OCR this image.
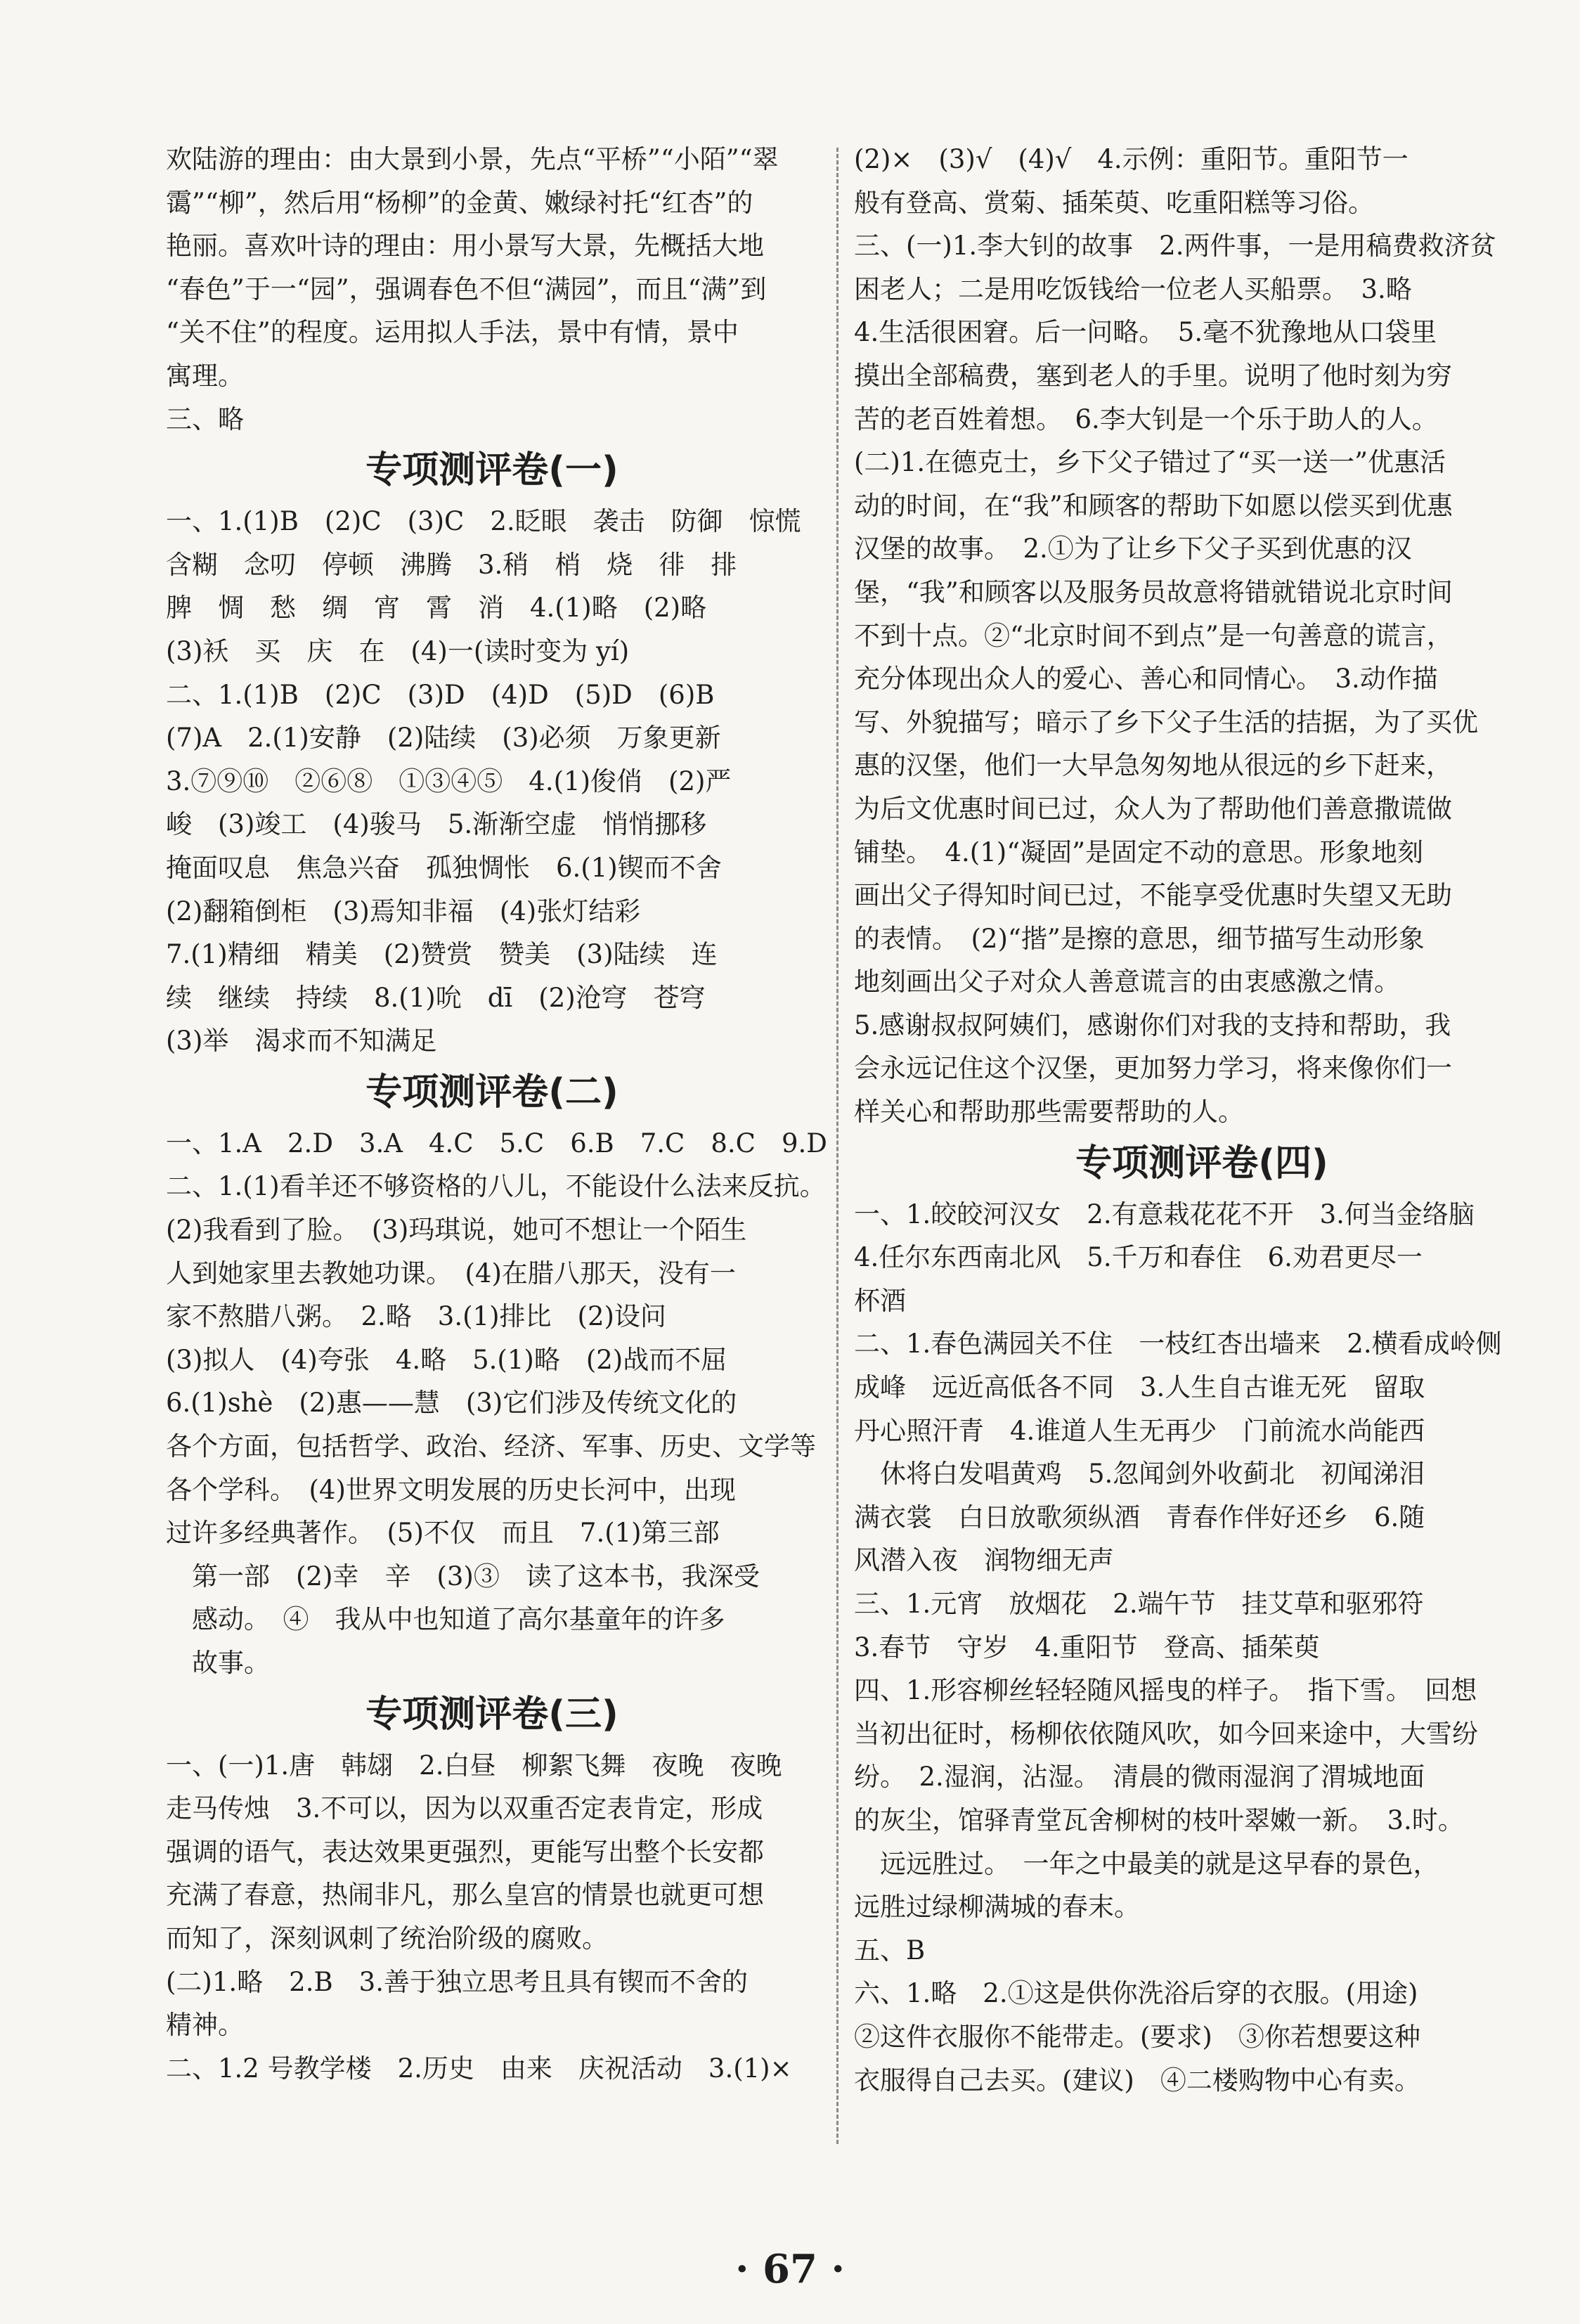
欢陆游的理由：由大景到小景，先点“平桥”“小陌”“翠
霭”“柳”，然后用“杨柳”的金黄、嫩绿衬托“红杏”的
艳丽。喜欢叶诗的理由：用小景写大景，先概括大地
“春色”于一“园”，强调春色不但“满园”，而且“满”到
“关不住”的程度。运用拟人手法，景中有情，景中
寓理。
三、略
专项测评卷(一)
一、1.(1)B　(2)C　(3)C　2.眨眼　袭击　防御　惊慌
含糊　念叨　停顿　沸腾　3.稍　梢　烧　徘　排
脾　惆　愁　绸　宵　霄　消　4.(1)略　(2)略
(3)袄　买　庆　在　(4)一(读时变为 yí)
二、1.(1)B　(2)C　(3)D　(4)D　(5)D　(6)B
(7)A　2.(1)安静　(2)陆续　(3)必须　万象更新
3.⑦⑨⑩　②⑥⑧　①③④⑤　4.(1)俊俏　(2)严
峻　(3)竣工　(4)骏马　5.渐渐空虚　悄悄挪移
掩面叹息　焦急兴奋　孤独惆怅　6.(1)锲而不舍
(2)翻箱倒柜　(3)焉知非福　(4)张灯结彩
7.(1)精细　精美　(2)赞赏　赞美　(3)陆续　连
续　继续　持续　8.(1)吮　dī　(2)沧穹　苍穹
(3)举　渴求而不知满足
专项测评卷(二)
一、1.A　2.D　3.A　4.C　5.C　6.B　7.C　8.C　9.D
二、1.(1)看羊还不够资格的八儿，不能设什么法来反抗。
(2)我看到了脸。　(3)玛琪说，她可不想让一个陌生
人到她家里去教她功课。　(4)在腊八那天，没有一
家不熬腊八粥。　2.略　3.(1)排比　(2)设问
(3)拟人　(4)夸张　4.略　5.(1)略　(2)战而不屈
6.(1)shè　(2)惠——慧　(3)它们涉及传统文化的
各个方面，包括哲学、政治、经济、军事、历史、文学等
各个学科。　(4)世界文明发展的历史长河中，出现
过许多经典著作。　(5)不仅　而且　7.(1)第三部
　第一部　(2)幸　辛　(3)③　读了这本书，我深受
　感动。　④　我从中也知道了高尔基童年的许多
　故事。
专项测评卷(三)
一、(一)1.唐　韩翃　2.白昼　柳絮飞舞　夜晚　夜晚
走马传烛　3.不可以，因为以双重否定表肯定，形成
强调的语气，表达效果更强烈，更能写出整个长安都
充满了春意，热闹非凡，那么皇宫的情景也就更可想
而知了，深刻讽刺了统治阶级的腐败。
(二)1.略　2.B　3.善于独立思考且具有锲而不舍的
精神。
二、1.2 号教学楼　2.历史　由来　庆祝活动　3.(1)×
(2)×　(3)√　(4)√　4.示例：重阳节。重阳节一
般有登高、赏菊、插茱萸、吃重阳糕等习俗。
三、(一)1.李大钊的故事　2.两件事，一是用稿费救济贫
困老人；二是用吃饭钱给一位老人买船票。　3.略
4.生活很困窘。后一问略。　5.毫不犹豫地从口袋里
摸出全部稿费，塞到老人的手里。说明了他时刻为穷
苦的老百姓着想。　6.李大钊是一个乐于助人的人。
(二)1.在德克士，乡下父子错过了“买一送一”优惠活
动的时间，在“我”和顾客的帮助下如愿以偿买到优惠
汉堡的故事。　2.①为了让乡下父子买到优惠的汉
堡，“我”和顾客以及服务员故意将错就错说北京时间
不到十点。②“北京时间不到点”是一句善意的谎言，
充分体现出众人的爱心、善心和同情心。　3.动作描
写、外貌描写；暗示了乡下父子生活的拮据，为了买优
惠的汉堡，他们一大早急匆匆地从很远的乡下赶来，
为后文优惠时间已过，众人为了帮助他们善意撒谎做
铺垫。　4.(1)“凝固”是固定不动的意思。形象地刻
画出父子得知时间已过，不能享受优惠时失望又无助
的表情。　(2)“揩”是擦的意思，细节描写生动形象
地刻画出父子对众人善意谎言的由衷感激之情。
5.感谢叔叔阿姨们，感谢你们对我的支持和帮助，我
会永远记住这个汉堡，更加努力学习，将来像你们一
样关心和帮助那些需要帮助的人。
专项测评卷(四)
一、1.皎皎河汉女　2.有意栽花花不开　3.何当金络脑
4.任尔东西南北风　5.千万和春住　6.劝君更尽一
杯酒
二、1.春色满园关不住　一枝红杏出墙来　2.横看成岭侧
成峰　远近高低各不同　3.人生自古谁无死　留取
丹心照汗青　4.谁道人生无再少　门前流水尚能西
　休将白发唱黄鸡　5.忽闻剑外收蓟北　初闻涕泪
满衣裳　白日放歌须纵酒　青春作伴好还乡　6.随
风潜入夜　润物细无声
三、1.元宵　放烟花　2.端午节　挂艾草和驱邪符
3.春节　守岁　4.重阳节　登高、插茱萸
四、1.形容柳丝轻轻随风摇曳的样子。　指下雪。　回想
当初出征时，杨柳依依随风吹，如今回来途中，大雪纷
纷。　2.湿润，沾湿。　清晨的微雨湿润了渭城地面
的灰尘，馆驿青堂瓦舍柳树的枝叶翠嫩一新。　3.时。
　远远胜过。　一年之中最美的就是这早春的景色，
远胜过绿柳满城的春末。
五、B
六、1.略　2.①这是供你洗浴后穿的衣服。(用途)
②这件衣服你不能带走。(要求)　③你若想要这种
衣服得自己去买。(建议)　④二楼购物中心有卖。
· 67 ·
